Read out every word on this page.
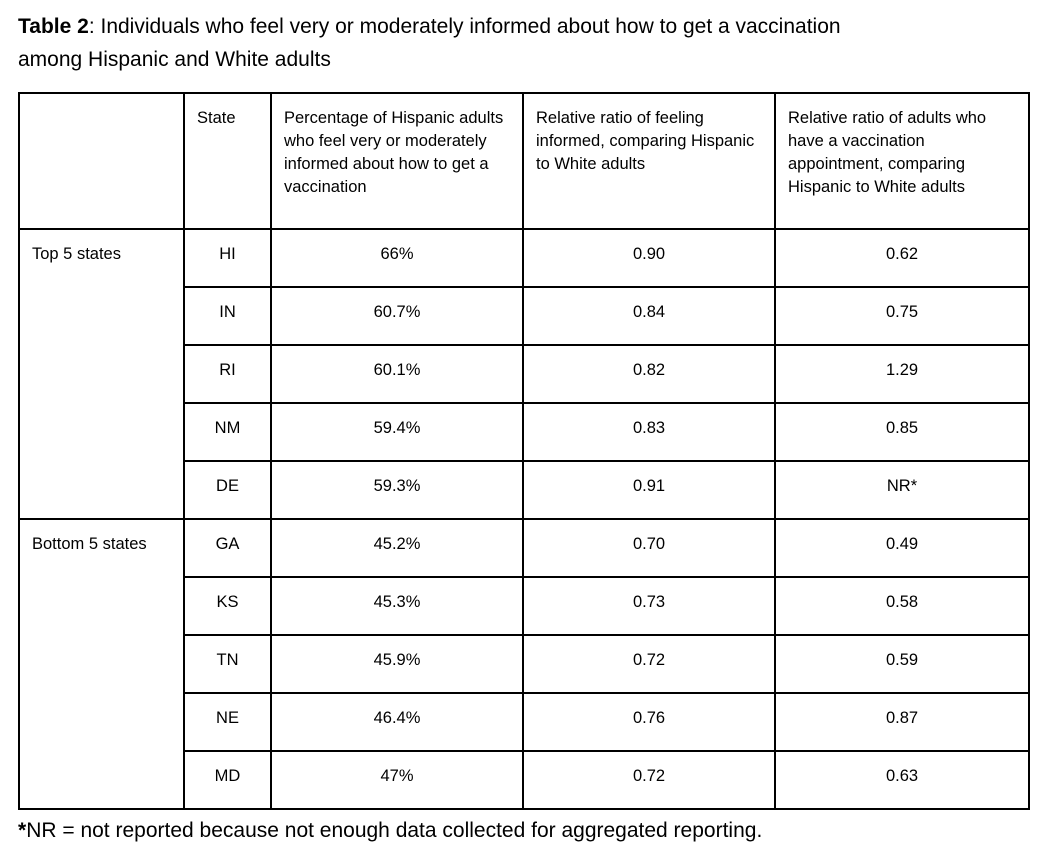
Table 2: Individuals who feel very or moderately informed about how to get a vaccination
among Hispanic and White adults
	State	Percentage of Hispanic adults who feel very or moderately informed about how to get a vaccination	Relative ratio of feeling informed, comparing Hispanic to White adults	Relative ratio of adults who have a vaccination appointment, comparing Hispanic to White adults
Top 5 states	HI	66%	0.90	0.62
	IN	60.7%	0.84	0.75
	RI	60.1%	0.82	1.29
	NM	59.4%	0.83	0.85
	DE	59.3%	0.91	NR*
Bottom 5 states	GA	45.2%	0.70	0.49
	KS	45.3%	0.73	0.58
	TN	45.9%	0.72	0.59
	NE	46.4%	0.76	0.87
	MD	47%	0.72	0.63
*NR = not reported because not enough data collected for aggregated reporting.
